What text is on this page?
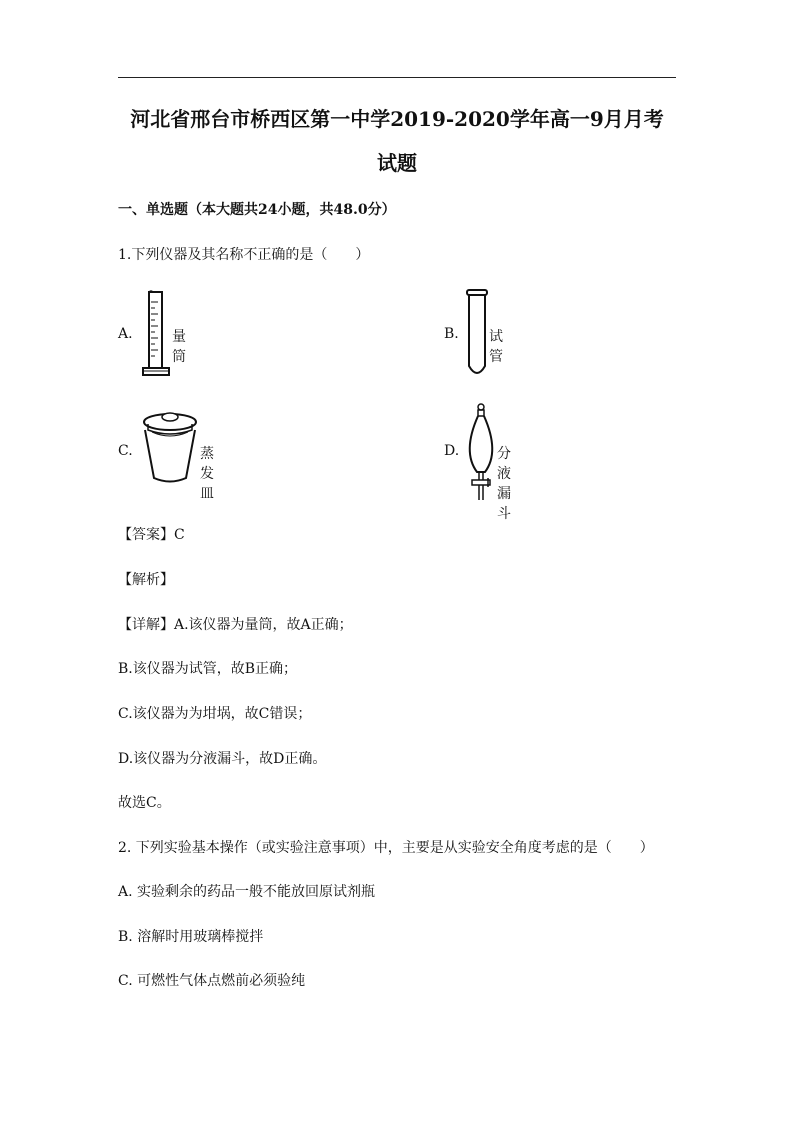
河北省邢台市桥西区第一中学2019-2020学年高一9月月考
试题
一、单选题（本大题共24小题，共48.0分）
1.下列仪器及其名称不正确的是（　　）
A.	量筒
B. 试管
C.	蒸发皿
D.	分液漏斗
【答案】C
【解析】
【详解】A.该仪器为量筒，故A正确；
B.该仪器为试管，故B正确；
C.该仪器为为坩埚，故C错误；
D.该仪器为分液漏斗，故D正确。
故选C。
2. 下列实验基本操作（或实验注意事项）中，主要是从实验安全角度考虑的是（　　）
A. 实验剩余的药品一般不能放回原试剂瓶
B. 溶解时用玻璃棒搅拌
C. 可燃性气体点燃前必须验纯
